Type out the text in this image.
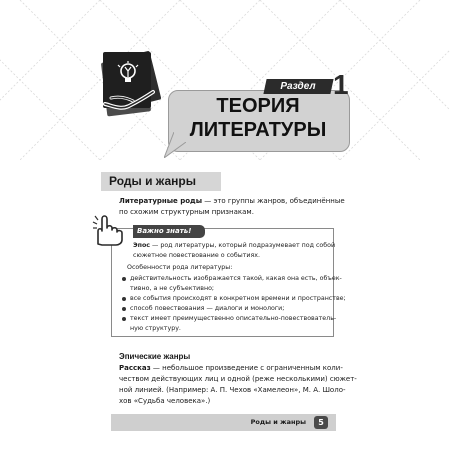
ТЕОРИЯ
ЛИТЕРАТУРЫ
Раздел 1
Роды и жанры
Литературные роды — это группы жанров, объединённые
по схожим структурным признакам.
Эпос — род литературы, который подразумевает под собой
сюжетное повествование о событиях.
Особенности рода литературы:
действительность изображается такой, какая она есть, объек-
тивно, а не субъективно;
все события происходят в конкретном времени и пространстве;
способ повествования — диалоги и монологи;
текст имеет преимущественно описательно-повествователь-
ную структуру.
Важно знать!
Эпические жанры
Рассказ — небольшое произведение с ограниченным коли-
чеством действующих лиц и одной (реже несколькими) сюжет-
ной линией. (Например: А. П. Чехов «Хамелеон», М. А. Шоло-
хов «Судьба человека».)
Роды и жанры	5
